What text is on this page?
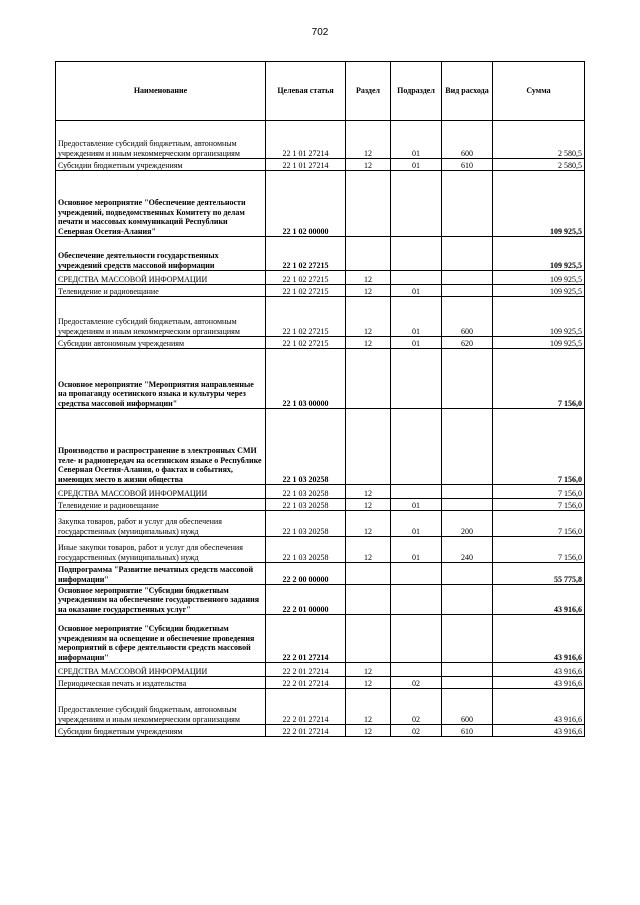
702
Наименование	Целевая статья	Раздел	Подраздел	Вид расхода	Сумма
Предоставление субсидий бюджетным, автономным учреждениям и иным некоммерческим организациям	22 1 01 27214	12	01	600	2 580,5
Субсидии бюджетным учреждениям	22 1 01 27214	12	01	610	2 580,5
Основное мероприятие "Обеспечение деятельности учреждений, подведомственных Комитету по делам печати и массовых коммуникаций Республики Северная Осетия-Алания"	22 1 02 00000				109 925,5
Обеспечение деятельности государственных учреждений средств массовой информации	22 1 02 27215				109 925,5
СРЕДСТВА МАССОВОЙ ИНФОРМАЦИИ	22 1 02 27215	12			109 925,5
Телевидение и радиовещание	22 1 02 27215	12	01		109 925,5
Предоставление субсидий бюджетным, автономным учреждениям и иным некоммерческим организациям	22 1 02 27215	12	01	600	109 925,5
Субсидии автономным учреждениям	22 1 02 27215	12	01	620	109 925,5
Основное мероприятие "Мероприятия направленные на пропаганду осетинского языка и культуры через средства массовой информации"	22 1 03 00000				7 156,0
Производство и распространение в электронных СМИ теле- и радиопередач на осетинском языке о Республике Северная Осетия-Алания, о фактах и событиях, имеющих место в жизни общества	22 1 03 20258				7 156,0
СРЕДСТВА МАССОВОЙ ИНФОРМАЦИИ	22 1 03 20258	12			7 156,0
Телевидение и радиовещание	22 1 03 20258	12	01		7 156,0
Закупка товаров, работ и услуг для обеспечения государственных (муниципальных) нужд	22 1 03 20258	12	01	200	7 156,0
Иные закупки товаров, работ и услуг для обеспечения государственных (муниципальных) нужд	22 1 03 20258	12	01	240	7 156,0
Подпрограмма "Развитие печатных средств массовой информации"	22 2 00 00000				55 775,8
Основное мероприятие "Субсидии бюджетным учреждениям на обеспечение государственного задания на оказание государственных услуг"	22 2 01 00000				43 916,6
Основное мероприятие "Субсидии бюджетным учреждениям на освещение и обеспечение проведения мероприятий в сфере деятельности средств массовой информации"	22 2 01 27214				43 916,6
СРЕДСТВА МАССОВОЙ ИНФОРМАЦИИ	22 2 01 27214	12			43 916,6
Периодическая печать и издательства	22 2 01 27214	12	02		43 916,6
Предоставление субсидий бюджетным, автономным учреждениям и иным некоммерческим организациям	22 2 01 27214	12	02	600	43 916,6
Субсидии бюджетным учреждениям	22 2 01 27214	12	02	610	43 916,6
